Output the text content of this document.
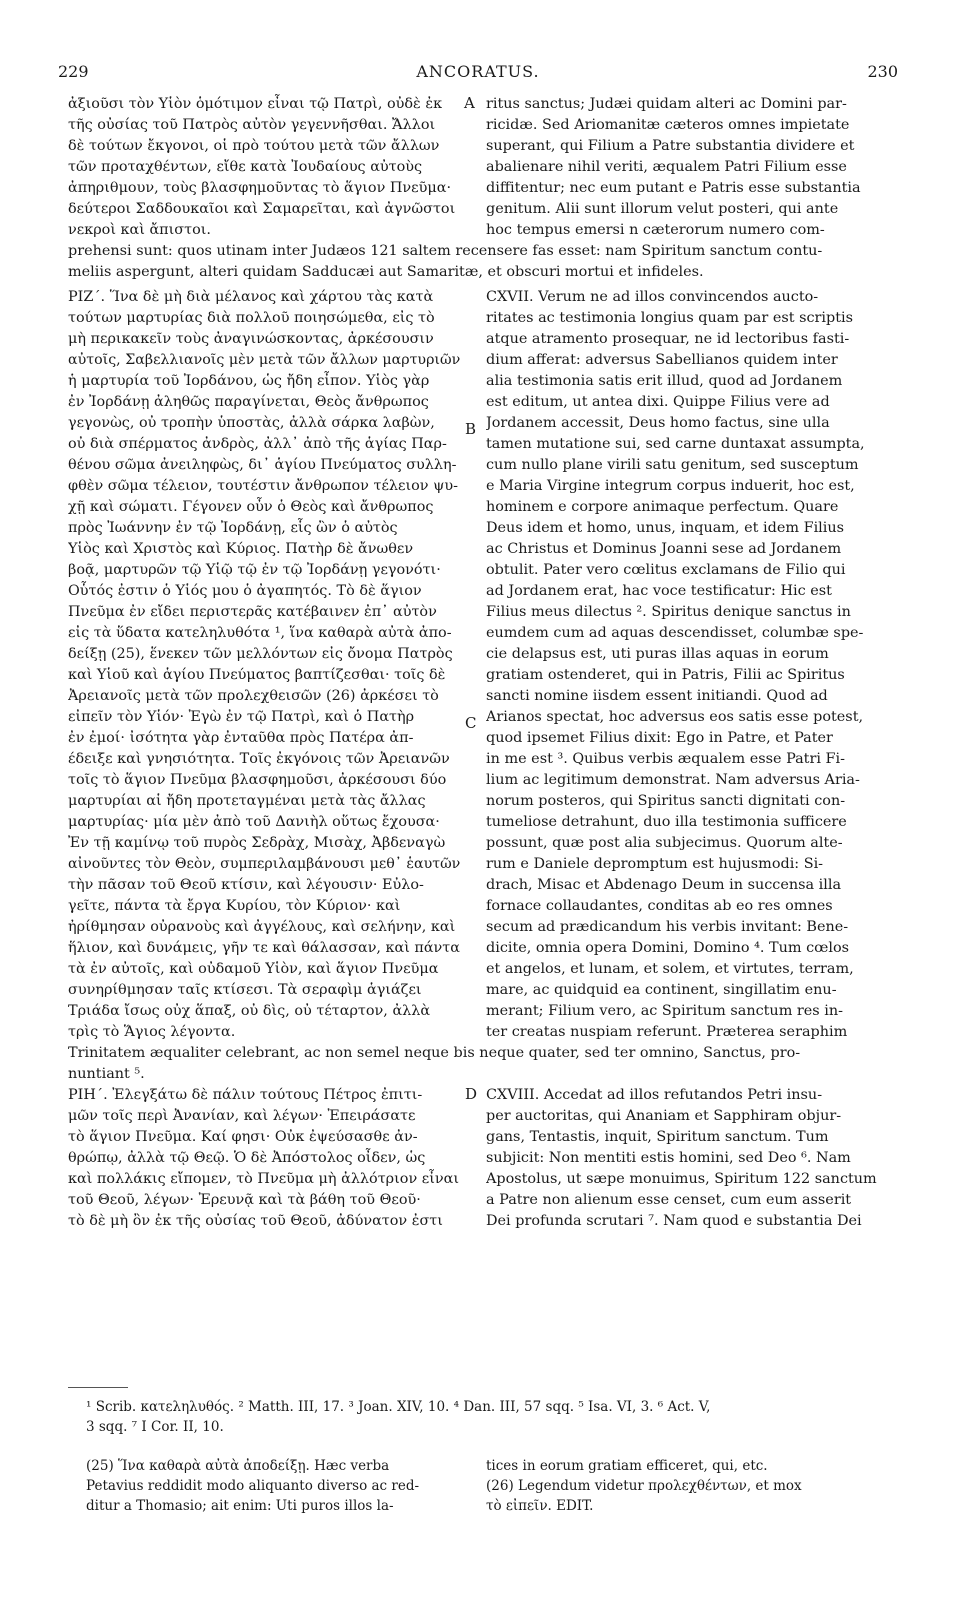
229	ANCORATUS.	230
ἀξιοῦσι τὸν Υἱὸν ὁμότιμον εἶναι τῷ Πατρὶ, οὐδὲ ἐκ
τῆς οὐσίας τοῦ Πατρὸς αὐτὸν γεγεννῆσθαι. Ἄλλοι
δὲ τούτων ἔκγονοι, οἱ πρὸ τούτου μετὰ τῶν ἄλλων
τῶν προταχθέντων, εἴθε κατὰ Ἰουδαίους αὐτοὺς
ἀπηριθμουν, τοὺς βλασφημοῦντας τὸ ἅγιον Πνεῦμα·
δεύτεροι Σαδδουκαῖοι καὶ Σαμαρεῖται, καὶ ἀγνῶστοι
νεκροὶ καὶ ἄπιστοι.
A ritus sanctus; Judæi quidam alteri ac Domini par-
ricidæ. Sed Ariomanitæ cæteros omnes impietate
superant, qui Filium a Patre substantia dividere et
abalienare nihil veriti, æqualem Patri Filium esse
diffitentur; nec eum putant e Patris esse substantia
genitum. Alii sunt illorum velut posteri, qui ante
hoc tempus emersi n cæterorum numero com-
prehensi sunt: quos utinam inter Judæos 121 saltem recensere fas esset: nam Spiritum sanctum contu-
meliis aspergunt, alteri quidam Sadducæi aut Samaritæ, et obscuri mortui et infideles.
ΡΙΖ΄. Ἵνα δὲ μὴ διὰ μέλανος καὶ χάρτου τὰς κατὰ
τούτων μαρτυρίας διὰ πολλοῦ ποιησώμεθα, εἰς τὸ
μὴ περικακεῖν τοὺς ἀναγινώσκοντας, ἀρκέσουσιν
αὐτοῖς, Σαβελλιανοῖς μὲν μετὰ τῶν ἄλλων μαρτυριῶν
ἡ μαρτυρία τοῦ Ἰορδάνου, ὡς ἤδη εἶπον. Υἱὸς γὰρ
ἐν Ἰορδάνῃ ἀληθῶς παραγίνεται, Θεὸς ἄνθρωπος
γεγονὼς, οὐ τροπὴν ὑποστὰς, ἀλλὰ σάρκα λαβὼν,
οὐ διὰ σπέρματος ἀνδρὸς, ἀλλ᾽ ἀπὸ τῆς ἁγίας Παρ-
θένου σῶμα ἀνειληφὼς, δι᾽ ἁγίου Πνεύματος συλλη-
φθὲν σῶμα τέλειον, τουτέστιν ἄνθρωπον τέλειον ψυ-
χῇ καὶ σώματι. Γέγονεν οὖν ὁ Θεὸς καὶ ἄνθρωπος
πρὸς Ἰωάννην ἐν τῷ Ἰορδάνῃ, εἷς ὢν ὁ αὐτὸς
Υἱὸς καὶ Χριστὸς καὶ Κύριος. Πατὴρ δὲ ἄνωθεν
βοᾷ, μαρτυρῶν τῷ Υἱῷ τῷ ἐν τῷ Ἰορδάνῃ γεγονότι·
Οὗτός ἐστιν ὁ Υἱός μου ὁ ἀγαπητός. Τὸ δὲ ἅγιον
Πνεῦμα ἐν εἴδει περιστερᾶς κατέβαινεν ἐπ᾽ αὐτὸν
εἰς τὰ ὕδατα κατεληλυθότα ¹, ἵνα καθαρὰ αὐτὰ ἀπο-
δείξῃ (25), ἕνεκεν τῶν μελλόντων εἰς ὄνομα Πατρὸς
καὶ Υἱοῦ καὶ ἁγίου Πνεύματος βαπτίζεσθαι· τοῖς δὲ
Ἀρειανοῖς μετὰ τῶν προλεχθεισῶν (26) ἀρκέσει τὸ
εἰπεῖν τὸν Υἱόν· Ἐγὼ ἐν τῷ Πατρὶ, καὶ ὁ Πατὴρ
ἐν ἐμοί· ἰσότητα γὰρ ἐνταῦθα πρὸς Πατέρα ἀπ-
έδειξε καὶ γνησιότητα. Τοῖς ἐκγόνοις τῶν Ἀρειανῶν
τοῖς τὸ ἅγιον Πνεῦμα βλασφημοῦσι, ἀρκέσουσι δύο
μαρτυρίαι αἱ ἤδη προτεταγμέναι μετὰ τὰς ἄλλας
μαρτυρίας· μία μὲν ἀπὸ τοῦ Δανιὴλ οὕτως ἔχουσα·
Ἐν τῇ καμίνῳ τοῦ πυρὸς Σεδρὰχ, Μισὰχ, Ἀβδεναγὼ
αἰνοῦντες τὸν Θεὸν, συμπεριλαμβάνουσι μεθ᾽ ἑαυτῶν
τὴν πᾶσαν τοῦ Θεοῦ κτίσιν, καὶ λέγουσιν· Εὐλο-
γεῖτε, πάντα τὰ ἔργα Κυρίου, τὸν Κύριον· καὶ
ἠρίθμησαν οὐρανοὺς καὶ ἀγγέλους, καὶ σελήνην, καὶ
ἥλιον, καὶ δυνάμεις, γῆν τε καὶ θάλασσαν, καὶ πάντα
τὰ ἐν αὐτοῖς, καὶ οὐδαμοῦ Υἱὸν, καὶ ἅγιον Πνεῦμα
συνηρίθμησαν ταῖς κτίσεσι. Τὰ σεραφὶμ ἁγιάζει
Τριάδα ἴσως οὐχ ἅπαξ, οὐ δὶς, οὐ τέταρτον, ἀλλὰ
τρὶς τὸ Ἅγιος λέγοντα.
B
C
CXVII. Verum ne ad illos convincendos aucto-
ritates ac testimonia longius quam par est scriptis
atque atramento prosequar, ne id lectoribus fasti-
dium afferat: adversus Sabellianos quidem inter
alia testimonia satis erit illud, quod ad Jordanem
est editum, ut antea dixi. Quippe Filius vere ad
Jordanem accessit, Deus homo factus, sine ulla
tamen mutatione sui, sed carne duntaxat assumpta,
cum nullo plane virili satu genitum, sed susceptum
e Maria Virgine integrum corpus induerit, hoc est,
hominem e corpore animaque perfectum. Quare
Deus idem et homo, unus, inquam, et idem Filius
ac Christus et Dominus Joanni sese ad Jordanem
obtulit. Pater vero cœlitus exclamans de Filio qui
ad Jordanem erat, hac voce testificatur: Hic est
Filius meus dilectus ². Spiritus denique sanctus in
eumdem cum ad aquas descendisset, columbæ spe-
cie delapsus est, uti puras illas aquas in eorum
gratiam ostenderet, qui in Patris, Filii ac Spiritus
sancti nomine iisdem essent initiandi. Quod ad
Arianos spectat, hoc adversus eos satis esse potest,
quod ipsemet Filius dixit: Ego in Patre, et Pater
in me est ³. Quibus verbis æqualem esse Patri Fi-
lium ac legitimum demonstrat. Nam adversus Aria-
norum posteros, qui Spiritus sancti dignitati con-
tumeliose detrahunt, duo illa testimonia sufficere
possunt, quæ post alia subjecimus. Quorum alte-
rum e Daniele depromptum est hujusmodi: Si-
drach, Misac et Abdenago Deum in succensa illa
fornace collaudantes, conditas ab eo res omnes
secum ad prædicandum his verbis invitant: Bene-
dicite, omnia opera Domini, Domino ⁴. Tum cœlos
et angelos, et lunam, et solem, et virtutes, terram,
mare, ac quidquid ea continent, singillatim enu-
merant; Filium vero, ac Spiritum sanctum res in-
ter creatas nuspiam referunt. Præterea seraphim
Trinitatem æqualiter celebrant, ac non semel neque bis neque quater, sed ter omnino, Sanctus, pro-
nuntiant ⁵.
ΡΙΗ΄. Ἐλεγξάτω δὲ πάλιν τούτους Πέτρος ἐπιτι-
μῶν τοῖς περὶ Ἀνανίαν, καὶ λέγων· Ἐπειράσατε
τὸ ἅγιον Πνεῦμα. Καί φησι· Οὐκ ἐψεύσασθε ἀν-
θρώπῳ, ἀλλὰ τῷ Θεῷ. Ὁ δὲ Ἀπόστολος οἶδεν, ὡς
καὶ πολλάκις εἴπομεν, τὸ Πνεῦμα μὴ ἀλλότριον εἶναι
τοῦ Θεοῦ, λέγων· Ἐρευνᾷ καὶ τὰ βάθη τοῦ Θεοῦ·
τὸ δὲ μὴ ὂν ἐκ τῆς οὐσίας τοῦ Θεοῦ, ἀδύνατον ἐστι
D CXVIII. Accedat ad illos refutandos Petri insu-
per auctoritas, qui Ananiam et Sapphiram objur-
gans, Tentastis, inquit, Spiritum sanctum. Tum
subjicit: Non mentiti estis homini, sed Deo ⁶. Nam
Apostolus, ut sæpe monuimus, Spiritum 122 sanctum
a Patre non alienum esse censet, cum eum asserit
Dei profunda scrutari ⁷. Nam quod e substantia Dei
¹ Scrib. κατεληλυθός. ² Matth. III, 17. ³ Joan. XIV, 10. ⁴ Dan. III, 57 sqq. ⁵ Isa. VI, 3. ⁶ Act. V,
3 sqq. ⁷ I Cor. II, 10.
(25) Ἵνα καθαρὰ αὐτὰ ἀποδείξῃ. Hæc verba
Petavius reddidit modo aliquanto diverso ac red-
ditur a Thomasio; ait enim: Uti puros illos la-
tices in eorum gratiam efficeret, qui, etc.
(26) Legendum videtur προλεχθέντων, et mox
τὸ εἰπεῖν. EDIT.
